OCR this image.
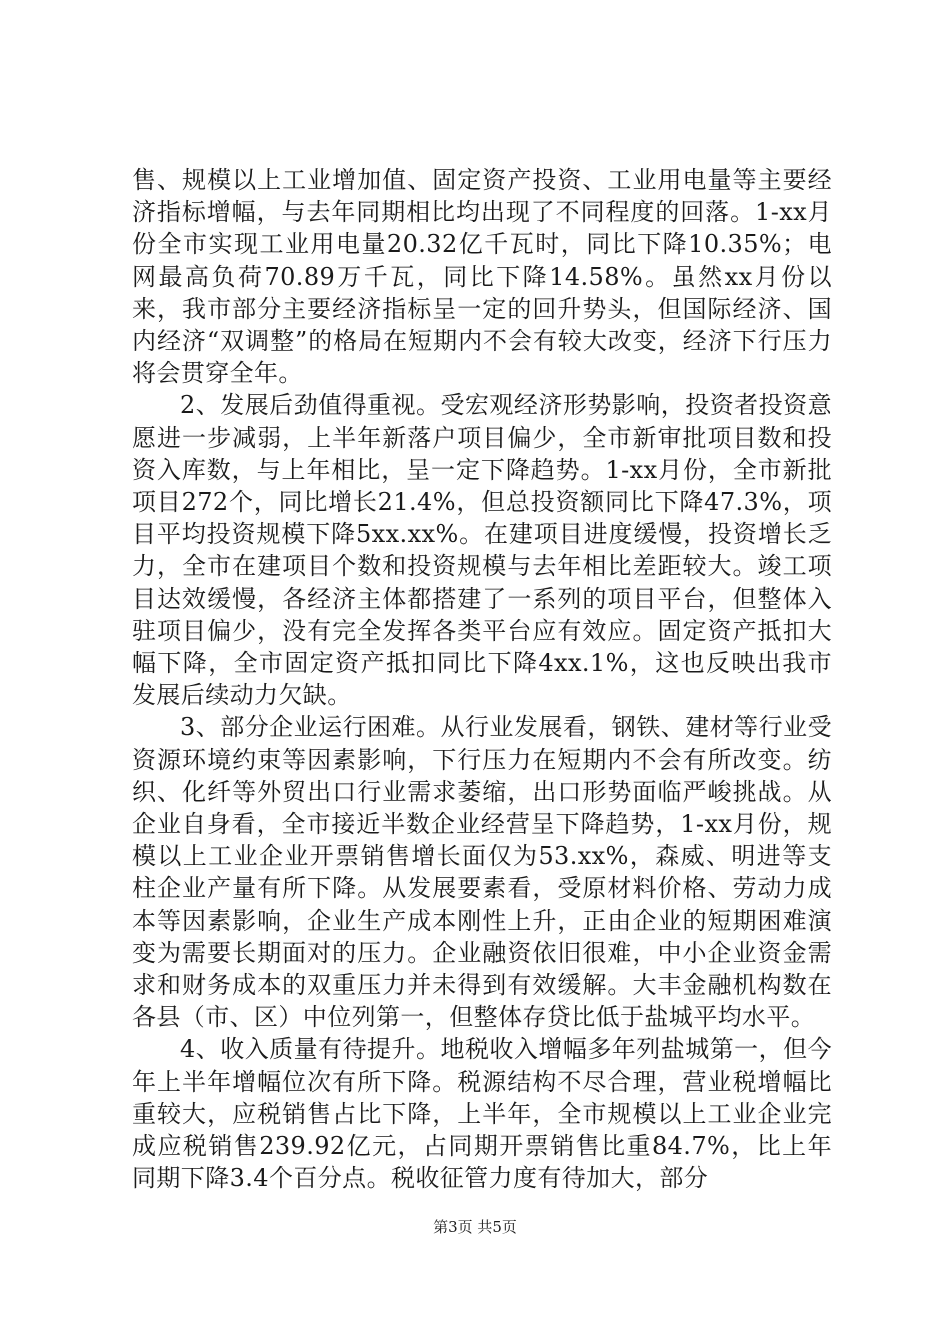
售、规模以上工业增加值、固定资产投资、工业用电量等主要经济指标增幅，与去年同期相比均出现了不同程度的回落。1-xx月份全市实现工业用电量20.32亿千瓦时，同比下降10.35%；电网最高负荷70.89万千瓦，同比下降14.58%。虽然xx月份以来，我市部分主要经济指标呈一定的回升势头，但国际经济、国内经济“双调整”的格局在短期内不会有较大改变，经济下行压力将会贯穿全年。

2、发展后劲值得重视。受宏观经济形势影响，投资者投资意愿进一步减弱，上半年新落户项目偏少，全市新审批项目数和投资入库数，与上年相比，呈一定下降趋势。1-xx月份，全市新批项目272个，同比增长21.4%，但总投资额同比下降47.3%，项目平均投资规模下降5xx.xx%。在建项目进度缓慢，投资增长乏力，全市在建项目个数和投资规模与去年相比差距较大。竣工项目达效缓慢，各经济主体都搭建了一系列的项目平台，但整体入驻项目偏少，没有完全发挥各类平台应有效应。固定资产抵扣大幅下降，全市固定资产抵扣同比下降4xx.1%，这也反映出我市发展后续动力欠缺。

3、部分企业运行困难。从行业发展看，钢铁、建材等行业受资源环境约束等因素影响，下行压力在短期内不会有所改变。纺织、化纤等外贸出口行业需求萎缩，出口形势面临严峻挑战。从企业自身看，全市接近半数企业经营呈下降趋势，1-xx月份，规模以上工业企业开票销售增长面仅为53.xx%，森威、明进等支柱企业产量有所下降。从发展要素看，受原材料价格、劳动力成本等因素影响，企业生产成本刚性上升，正由企业的短期困难演变为需要长期面对的压力。企业融资依旧很难，中小企业资金需求和财务成本的双重压力并未得到有效缓解。大丰金融机构数在各县（市、区）中位列第一，但整体存贷比低于盐城平均水平。

4、收入质量有待提升。地税收入增幅多年列盐城第一，但今年上半年增幅位次有所下降。税源结构不尽合理，营业税增幅比重较大，应税销售占比下降，上半年，全市规模以上工业企业完成应税销售239.92亿元，占同期开票销售比重84.7%，比上年同期下降3.4个百分点。税收征管力度有待加大，部分

第3页 共5页
